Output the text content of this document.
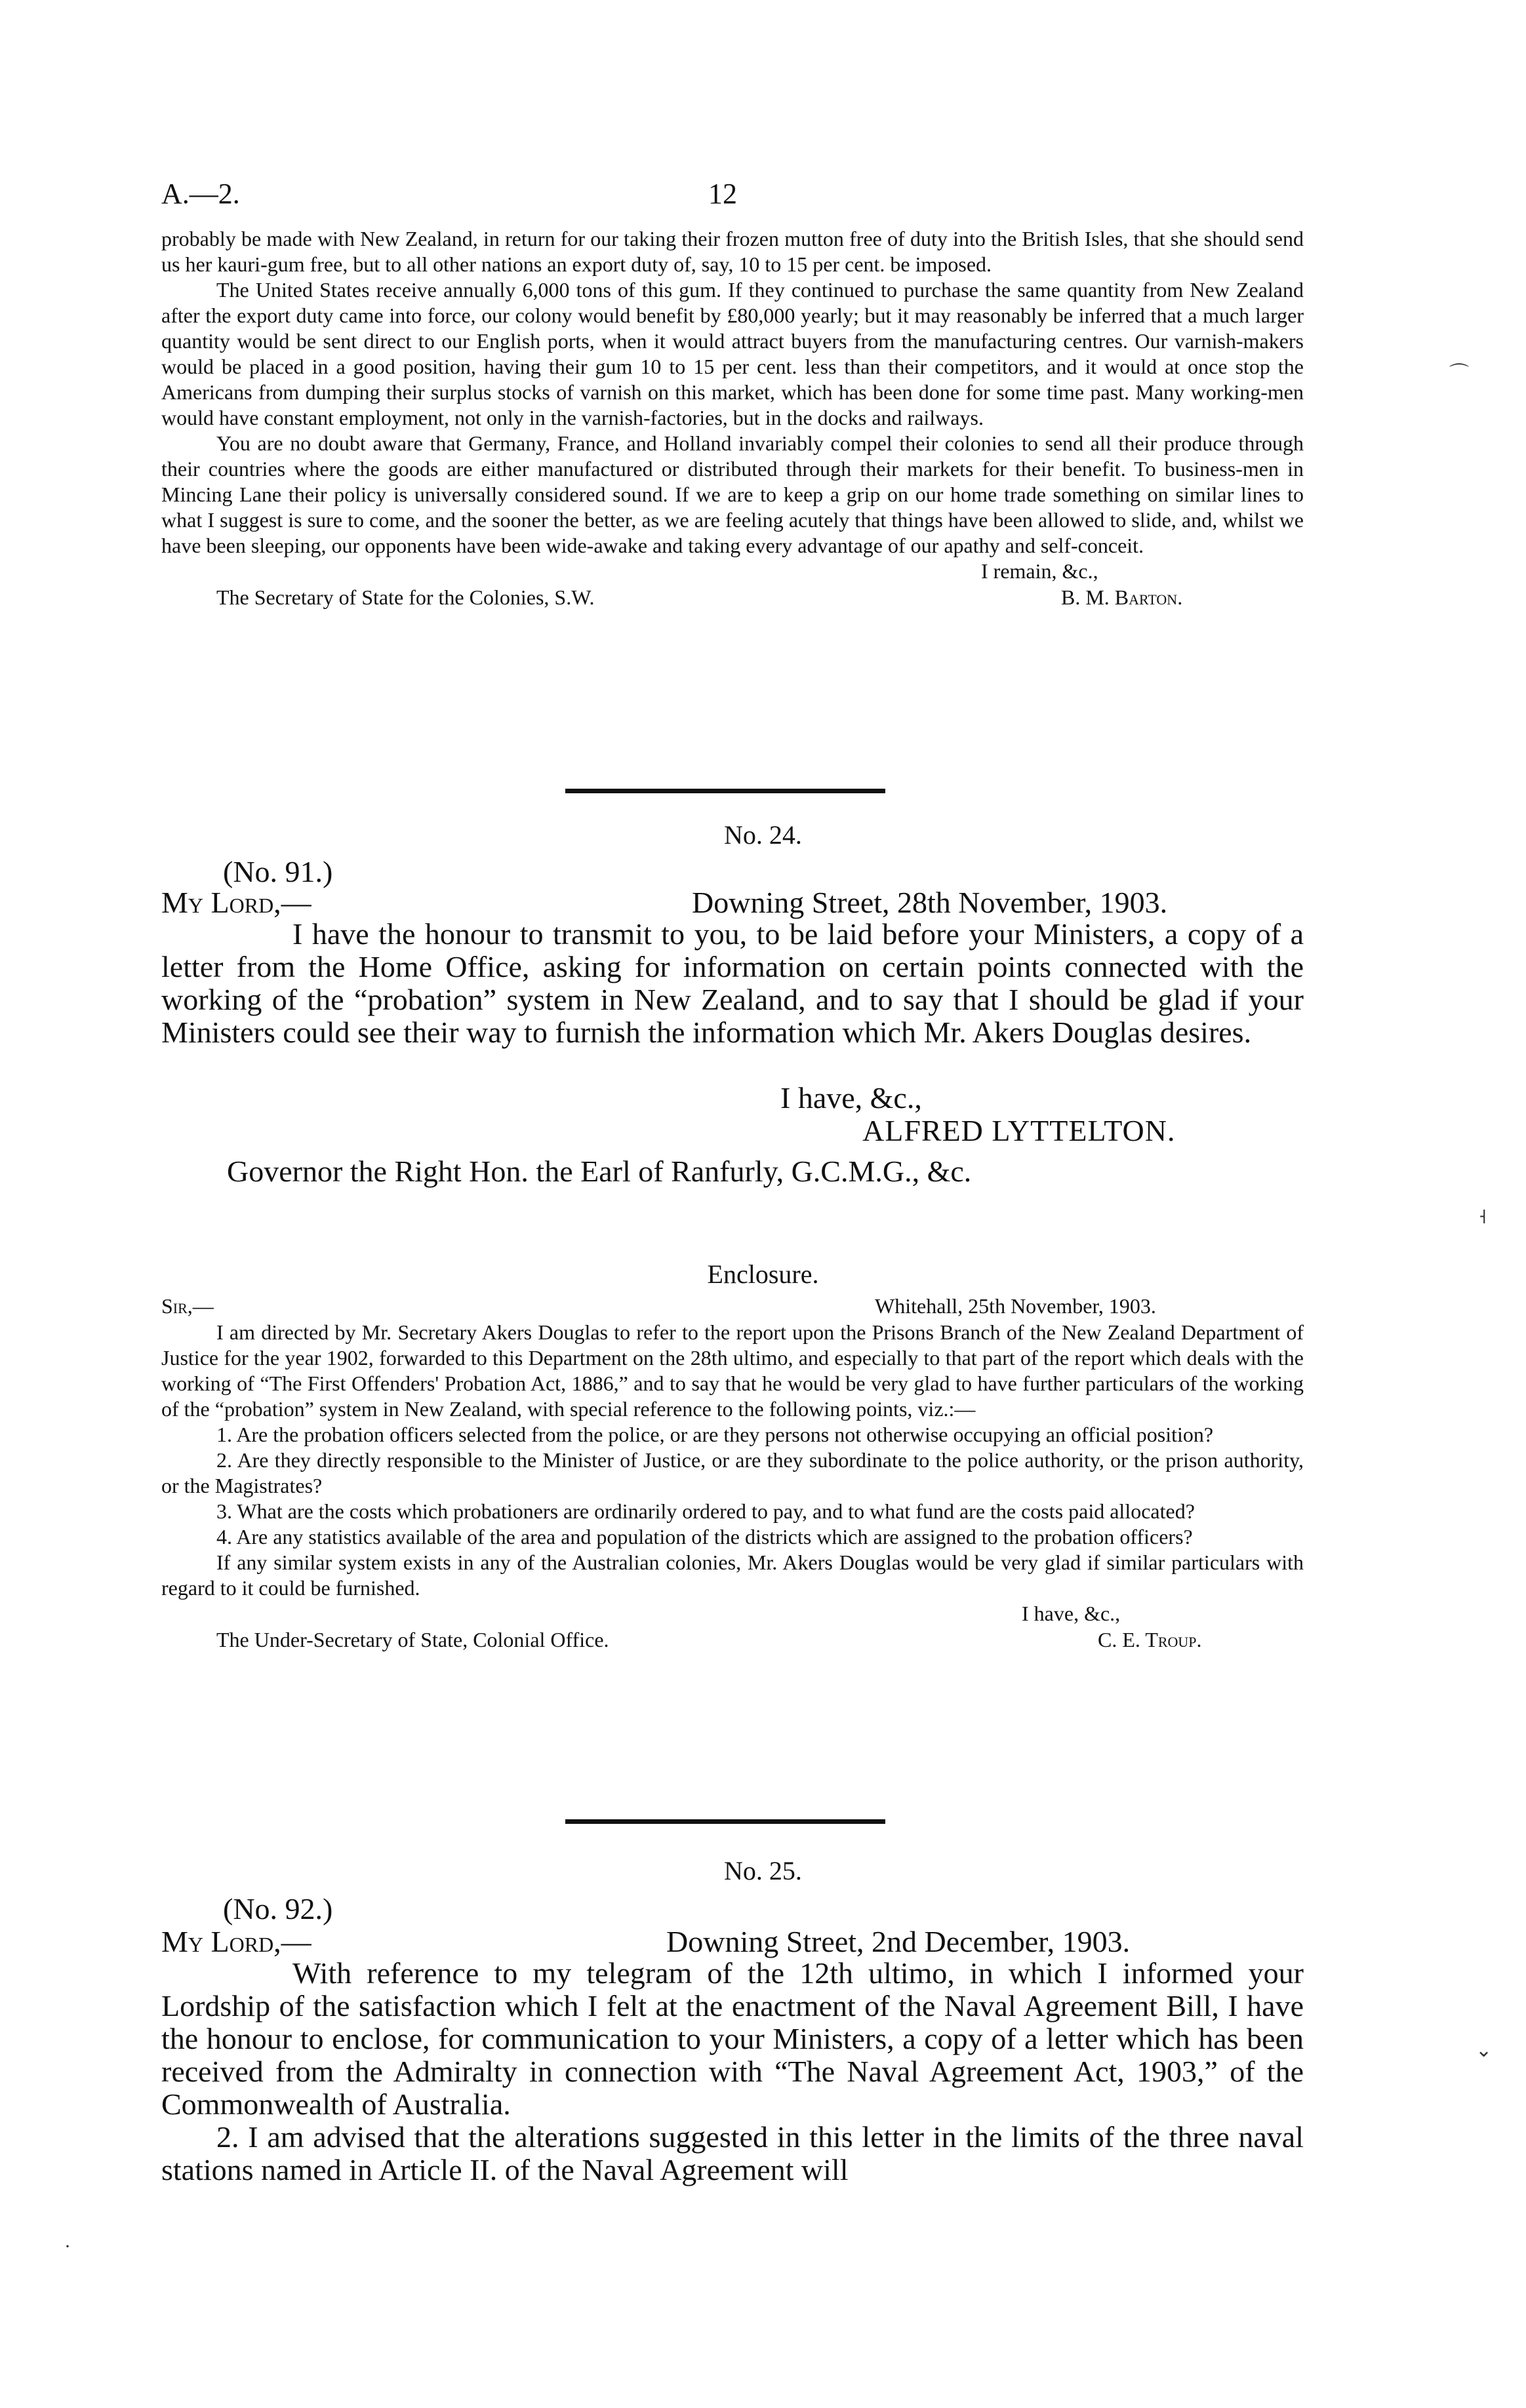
A.—2.	12

probably be made with New Zealand, in return for our taking their frozen mutton free of duty into the British Isles, that she should send us her kauri-gum free, but to all other nations an export duty of, say, 10 to 15 per cent. be imposed.

The United States receive annually 6,000 tons of this gum. If they continued to purchase the same quantity from New Zealand after the export duty came into force, our colony would benefit by £80,000 yearly; but it may reasonably be inferred that a much larger quantity would be sent direct to our English ports, when it would attract buyers from the manufacturing centres. Our varnish-makers would be placed in a good position, having their gum 10 to 15 per cent. less than their competitors, and it would at once stop the Americans from dumping their surplus stocks of varnish on this market, which has been done for some time past. Many working-men would have constant employment, not only in the varnish-factories, but in the docks and railways.

You are no doubt aware that Germany, France, and Holland invariably compel their colonies to send all their produce through their countries where the goods are either manufactured or distributed through their markets for their benefit. To business-men in Mincing Lane their policy is universally considered sound. If we are to keep a grip on our home trade something on similar lines to what I suggest is sure to come, and the sooner the better, as we are feeling acutely that things have been allowed to slide, and, whilst we have been sleeping, our opponents have been wide-awake and taking every advantage of our apathy and self-conceit.

I remain, &c.,
The Secretary of State for the Colonies, S.W.	B. M. Barton.
No. 24.
(No. 91.)
My Lord,—	Downing Street, 28th November, 1903.

I have the honour to transmit to you, to be laid before your Ministers, a copy of a letter from the Home Office, asking for information on certain points connected with the working of the “probation” system in New Zealand, and to say that I should be glad if your Ministers could see their way to furnish the information which Mr. Akers Douglas desires.

I have, &c.,
ALFRED LYTTELTON.
Governor the Right Hon. the Earl of Ranfurly, G.C.M.G., &c.
Enclosure.
Sir,—	Whitehall, 25th November, 1903.

I am directed by Mr. Secretary Akers Douglas to refer to the report upon the Prisons Branch of the New Zealand Department of Justice for the year 1902, forwarded to this Department on the 28th ultimo, and especially to that part of the report which deals with the working of “The First Offenders' Probation Act, 1886,” and to say that he would be very glad to have further particulars of the working of the “probation” system in New Zealand, with special reference to the following points, viz.:—

1. Are the probation officers selected from the police, or are they persons not otherwise occupying an official position?

2. Are they directly responsible to the Minister of Justice, or are they subordinate to the police authority, or the prison authority, or the Magistrates?

3. What are the costs which probationers are ordinarily ordered to pay, and to what fund are the costs paid allocated?

4. Are any statistics available of the area and population of the districts which are assigned to the probation officers?

If any similar system exists in any of the Australian colonies, Mr. Akers Douglas would be very glad if similar particulars with regard to it could be furnished.

I have, &c.,
The Under-Secretary of State, Colonial Office.	C. E. Troup.
No. 25.
(No. 92.)
My Lord,—	Downing Street, 2nd December, 1903.

With reference to my telegram of the 12th ultimo, in which I informed your Lordship of the satisfaction which I felt at the enactment of the Naval Agreement Bill, I have the honour to enclose, for communication to your Ministers, a copy of a letter which has been received from the Admiralty in connection with “The Naval Agreement Act, 1903,” of the Commonwealth of Australia.

2. I am advised that the alterations suggested in this letter in the limits of the three naval stations named in Article II. of the Naval Agreement will

⌒
˧
⌄
·
